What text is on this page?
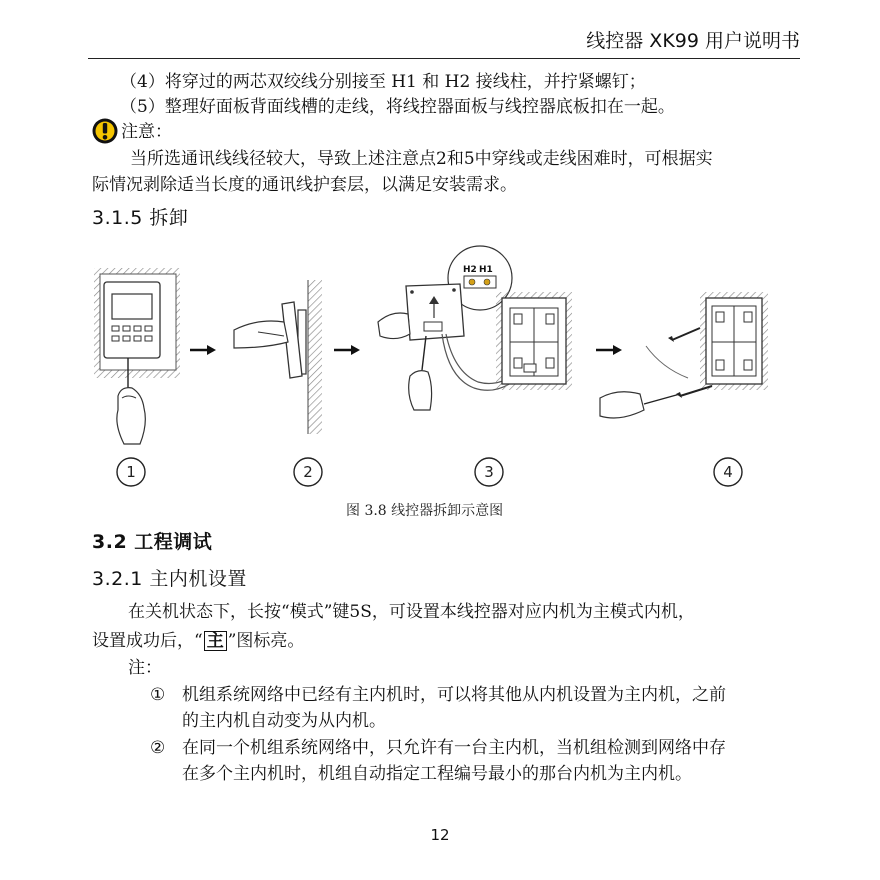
线控器 XK99 用户说明书
（4）将穿过的两芯双绞线分别接至 H1 和 H2 接线柱，并拧紧螺钉；
（5）整理好面板背面线槽的走线，将线控器面板与线控器底板扣在一起。
注意：
当所选通讯线线径较大，导致上述注意点2和5中穿线或走线困难时，可根据实
际情况剥除适当长度的通讯线护套层，以满足安装需求。
3.1.5 拆卸
H2 H1
1	2	3	4
图 3.8 线控器拆卸示意图
3.2 工程调试
3.2.1 主内机设置
在关机状态下，长按“模式”键5S，可设置本线控器对应内机为主模式内机，
设置成功后，“ 主 ”图标亮。
注：
① 机组系统网络中已经有主内机时，可以将其他从内机设置为主内机，之前
的主内机自动变为从内机。
② 在同一个机组系统网络中，只允许有一台主内机，当机组检测到网络中存
在多个主内机时，机组自动指定工程编号最小的那台内机为主内机。
12
